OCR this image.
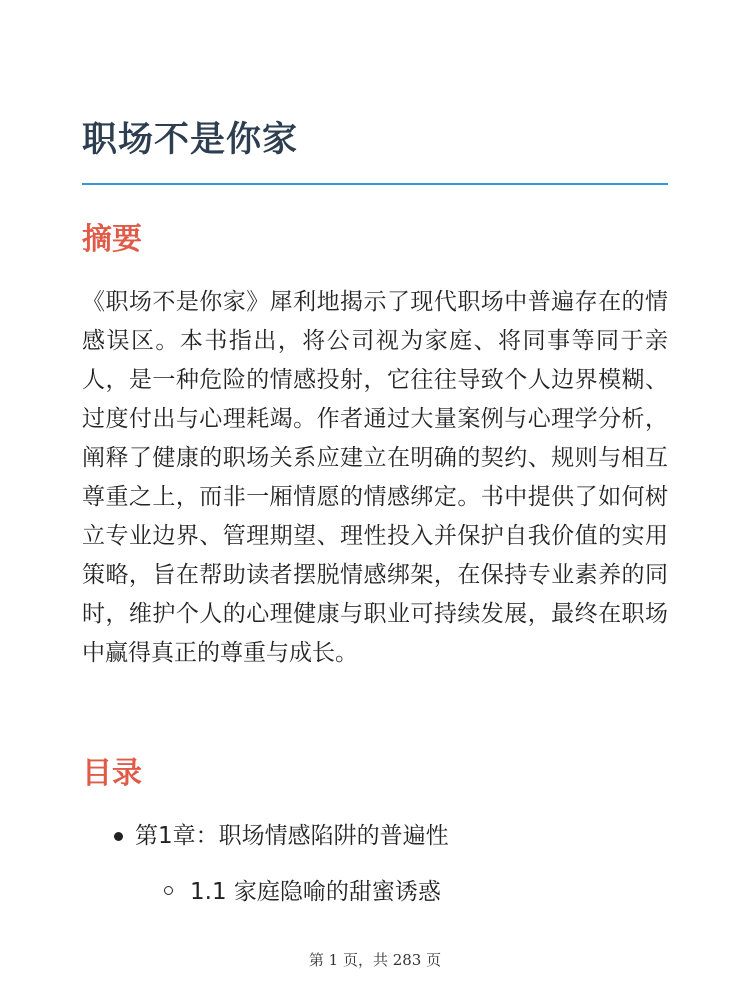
职场不是你家
摘要

《职场不是你家》犀利地揭示了现代职场中普遍存在的情感误区。本书指出，将公司视为家庭、将同事等同于亲人，是一种危险的情感投射，它往往导致个人边界模糊、过度付出与心理耗竭。作者通过大量案例与心理学分析，阐释了健康的职场关系应建立在明确的契约、规则与相互尊重之上，而非一厢情愿的情感绑定。书中提供了如何树立专业边界、管理期望、理性投入并保护自我价值的实用策略，旨在帮助读者摆脱情感绑架，在保持专业素养的同时，维护个人的心理健康与职业可持续发展，最终在职场中赢得真正的尊重与成长。

目录
第1章：职场情感陷阱的普遍性
1.1 家庭隐喻的甜蜜诱惑
第 1 页，共 283 页
